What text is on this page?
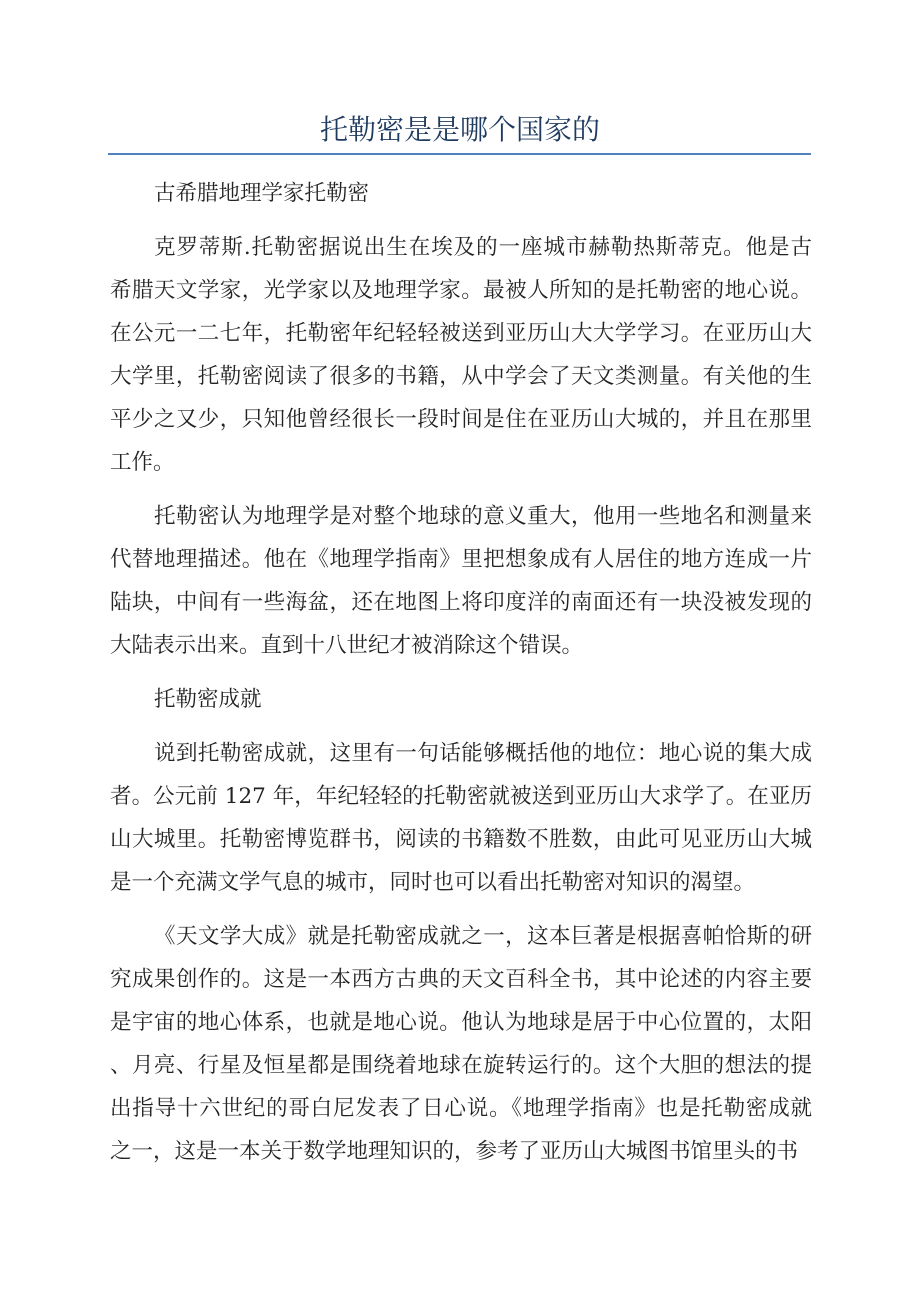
托勒密是是哪个国家的
古希腊地理学家托勒密
克罗蒂斯.托勒密据说出生在埃及的一座城市赫勒热斯蒂克。他是古
希腊天文学家，光学家以及地理学家。最被人所知的是托勒密的地心说。
在公元一二七年，托勒密年纪轻轻被送到亚历山大大学学习。在亚历山大
大学里，托勒密阅读了很多的书籍，从中学会了天文类测量。有关他的生
平少之又少，只知他曾经很长一段时间是住在亚历山大城的，并且在那里
工作。
托勒密认为地理学是对整个地球的意义重大，他用一些地名和测量来
代替地理描述。他在《地理学指南》里把想象成有人居住的地方连成一片
陆块，中间有一些海盆，还在地图上将印度洋的南面还有一块没被发现的
大陆表示出来。直到十八世纪才被消除这个错误。
托勒密成就
说到托勒密成就，这里有一句话能够概括他的地位：地心说的集大成
者。公元前 127 年，年纪轻轻的托勒密就被送到亚历山大求学了。在亚历
山大城里。托勒密博览群书，阅读的书籍数不胜数，由此可见亚历山大城
是一个充满文学气息的城市，同时也可以看出托勒密对知识的渴望。
《天文学大成》就是托勒密成就之一，这本巨著是根据喜帕恰斯的研
究成果创作的。这是一本西方古典的天文百科全书，其中论述的内容主要
是宇宙的地心体系，也就是地心说。他认为地球是居于中心位置的，太阳
、月亮、行星及恒星都是围绕着地球在旋转运行的。这个大胆的想法的提
出指导十六世纪的哥白尼发表了日心说。《地理学指南》也是托勒密成就
之一，这是一本关于数学地理知识的，参考了亚历山大城图书馆里头的书
